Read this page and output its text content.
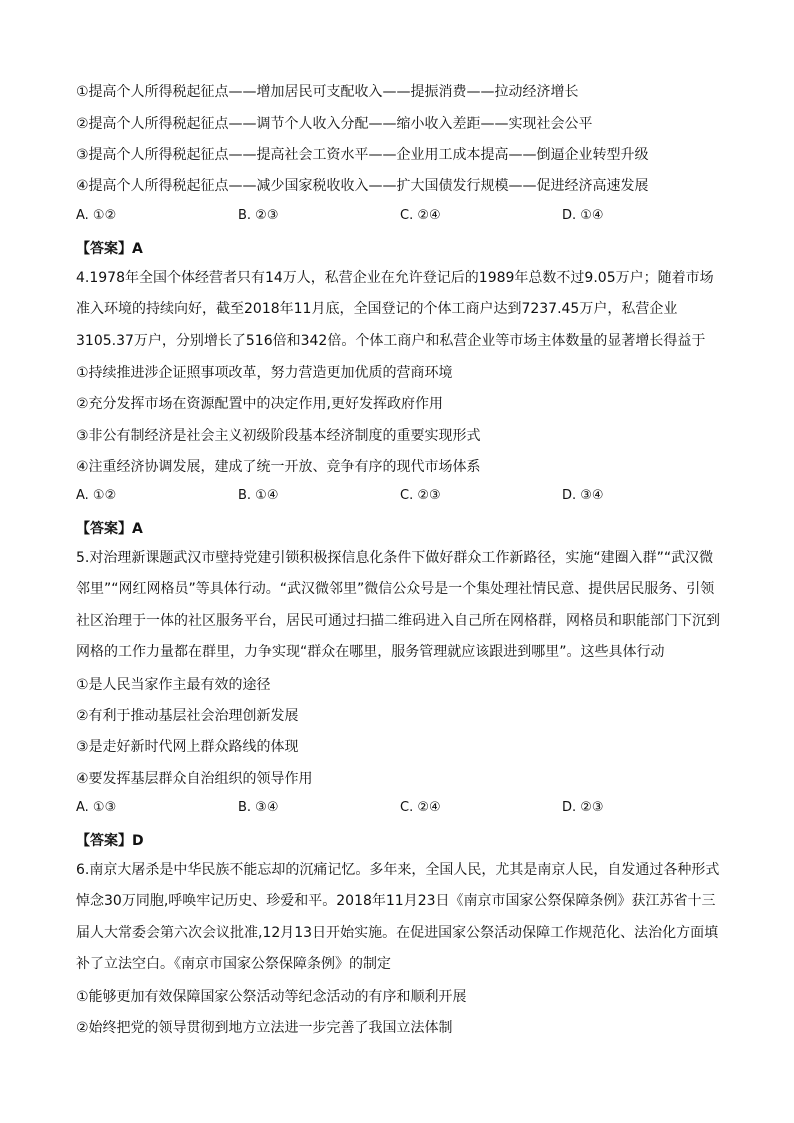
①提高个人所得税起征点——增加居民可支配收入——提振消费——拉动经济增长
②提高个人所得税起征点——调节个人收入分配——缩小收入差距——实现社会公平
③提高个人所得税起征点——提高社会工资水平——企业用工成本提高——倒逼企业转型升级
④提高个人所得税起征点——减少国家税收收入——扩大国债发行规模——促进经济高速发展
A. ①②	B. ②③	C. ②④	D. ①④
【答案】A
4.1978年全国个体经营者只有14万人，私营企业在允许登记后的1989年总数不过9.05万户；随着市场准入环境的持续向好，截至2018年11月底，全国登记的个体工商户达到7237.45万户，私营企业3105.37万户，分别增长了516倍和342倍。个体工商户和私营企业等市场主体数量的显著增长得益于
①持续推进涉企证照事项改革，努力营造更加优质的营商环境
②充分发挥市场在资源配置中的决定作用,更好发挥政府作用
③非公有制经济是社会主义初级阶段基本经济制度的重要实现形式
④注重经济协调发展，建成了统一开放、竞争有序的现代市场体系
A. ①②	B. ①④	C. ②③	D. ③④
【答案】A
5.对治理新课题武汉市壁持党建引锁积极探信息化条件下做好群众工作新路径，实施“建圈入群”“武汉微邻里”“网红网格员”等具体行动。“武汉微邻里”微信公众号是一个集处理社情民意、提供居民服务、引领社区治理于一体的社区服务平台，居民可通过扫描二维码进入自己所在网格群，网格员和职能部门下沉到网格的工作力量都在群里，力争实现“群众在哪里，服务管理就应该跟进到哪里”。这些具体行动
①是人民当家作主最有效的途径
②有利于推动基层社会治理创新发展
③是走好新时代网上群众路线的体现
④要发挥基层群众自治组织的领导作用
A. ①③	B. ③④	C. ②④	D. ②③
【答案】D
6.南京大屠杀是中华民族不能忘却的沉痛记忆。多年来，全国人民，尤其是南京人民，自发通过各种形式悼念30万同胞,呼唤牢记历史、珍爱和平。2018年11月23日《南京市国家公祭保障条例》获江苏省十三届人大常委会第六次会议批准,12月13日开始实施。在促进国家公祭活动保障工作规范化、法治化方面填补了立法空白。《南京市国家公祭保障条例》的制定
①能够更加有效保障国家公祭活动等纪念活动的有序和顺利开展
②始终把党的领导贯彻到地方立法进一步完善了我国立法体制
